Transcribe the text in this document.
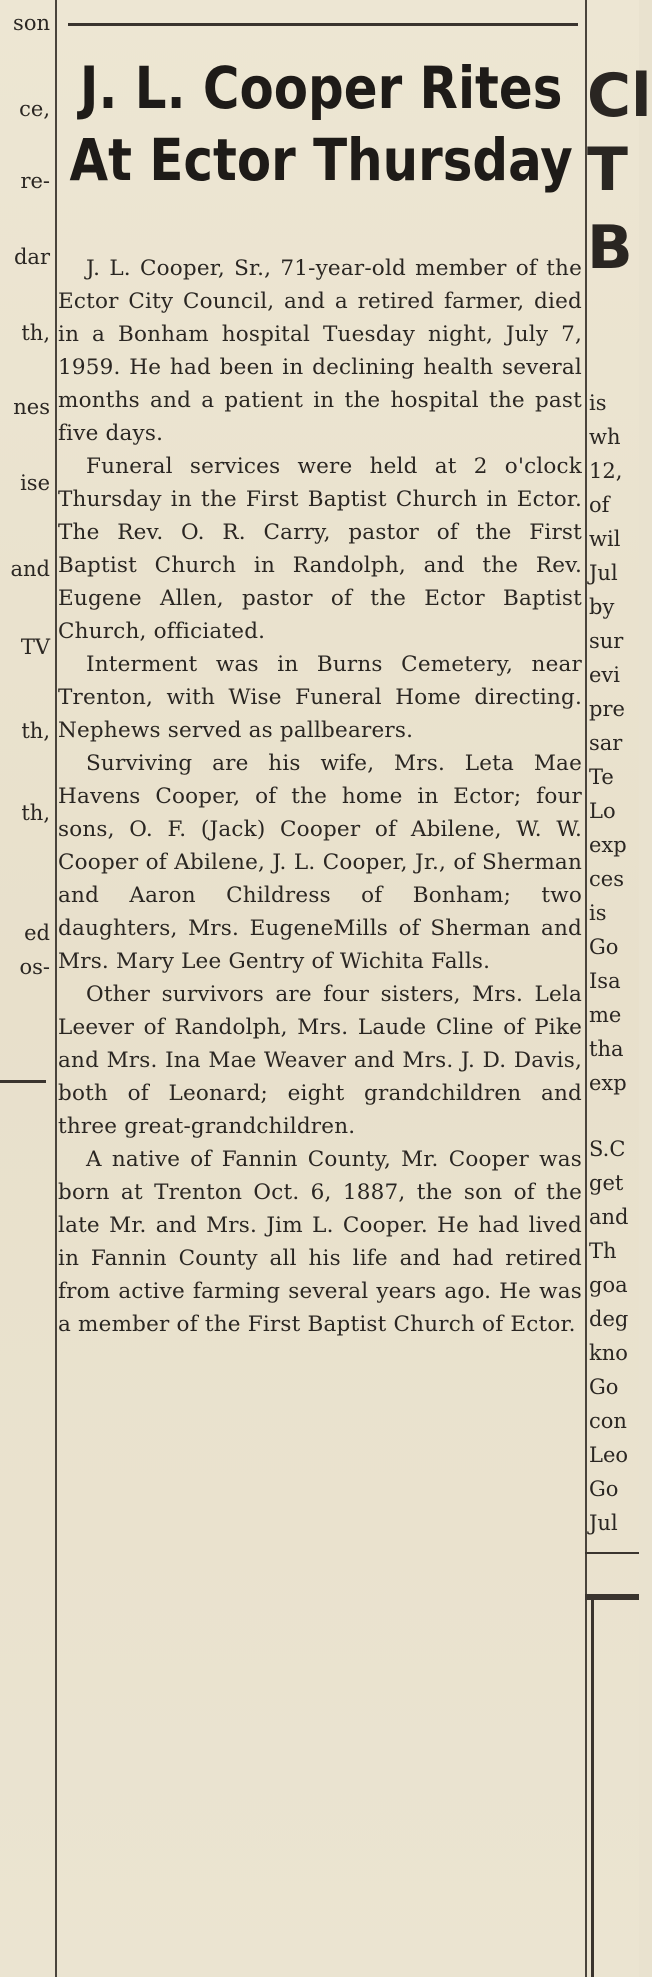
son
ce,
re-
dar
th,
nes
ise
and
TV
th,
th,
ed
os-
J. L. Cooper Rites
At Ector Thursday

J. L. Cooper, Sr., 71-year-old member of the Ector City Council, and a retired farmer, died in a Bonham hospital Tuesday night, July 7, 1959. He had been in declining health several months and a patient in the hospital the past five days.

Funeral services were held at 2 o'clock Thursday in the First Baptist Church in Ector. The Rev. O. R. Carry, pastor of the First Baptist Church in Randolph, and the Rev. Eugene Allen, pastor of the Ector Baptist Church, officiated.

Interment was in Burns Cemetery, near Trenton, with Wise Funeral Home directing. Nephews served as pallbearers.

Surviving are his wife, Mrs. Leta Mae Havens Cooper, of the home in Ector; four sons, O. F. (Jack) Cooper of Abilene, W. W. Cooper of Abilene, J. L. Cooper, Jr., of Sherman and Aaron Childress of Bonham; two daughters, Mrs. EugeneMills of Sherman and Mrs. Mary Lee Gentry of Wichita Falls.

Other survivors are four sisters, Mrs. Lela Leever of Randolph, Mrs. Laude Cline of Pike and Mrs. Ina Mae Weaver and Mrs. J. D. Davis, both of Leonard; eight grandchildren and three great-grandchildren.

A native of Fannin County, Mr. Cooper was born at Trenton Oct. 6, 1887, the son of the late Mr. and Mrs. Jim L. Cooper. He had lived in Fannin County all his life and had retired from active farming several years ago. He was a member of the First Baptist Church of Ector.

Cl
T
B
is
wh
12,
of
wil
Jul
by
sur
evi
pre
sar
Te
Lo
exp
ces
is
Go
Isa
me
tha
exp
S.C
get
and
Th
goa
deg
kno
Go
con
Leo
Go
Jul
